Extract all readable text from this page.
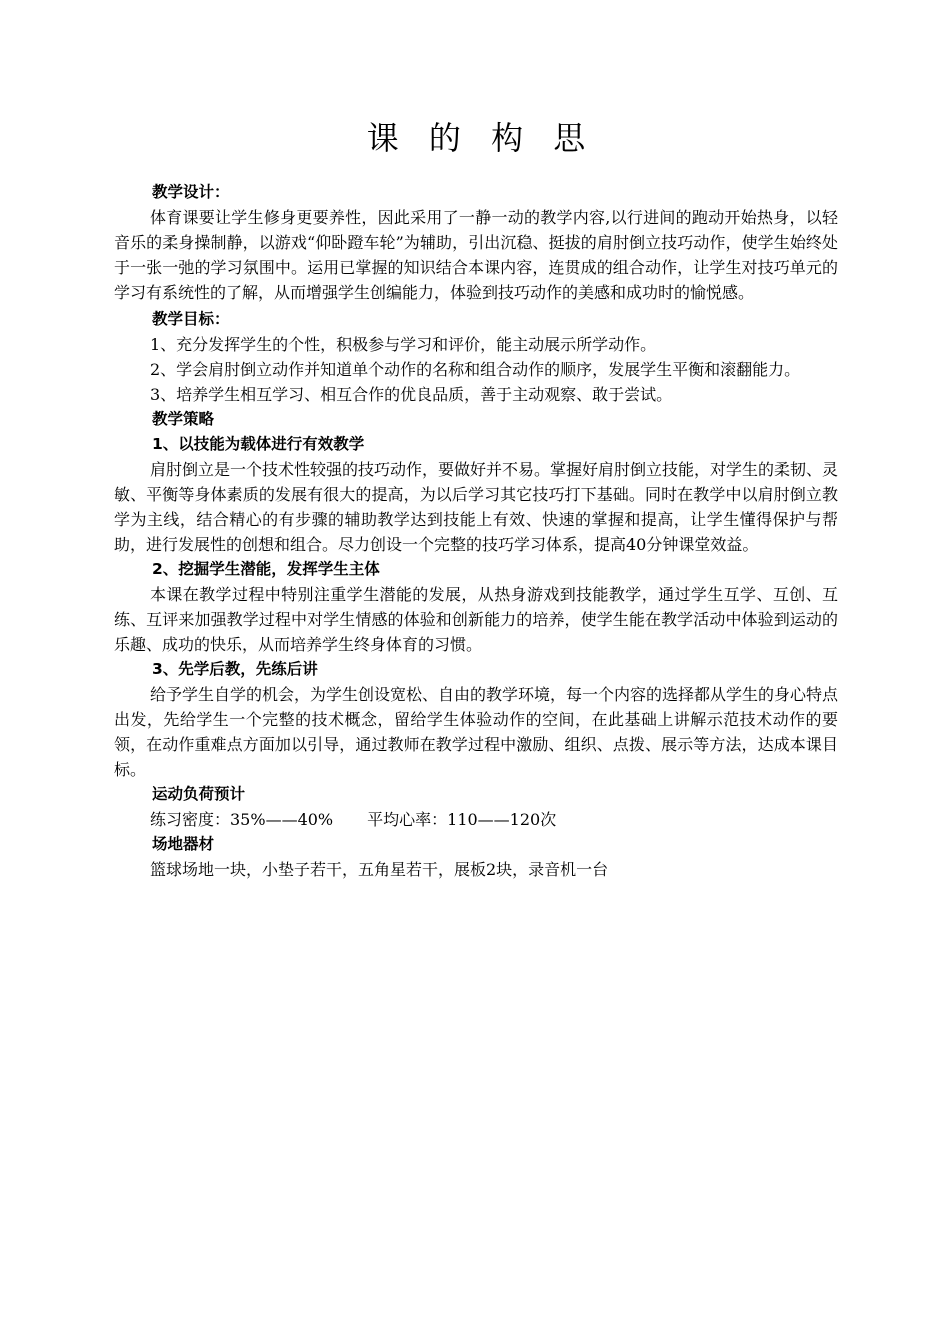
课 的 构 思
教学设计：

体育课要让学生修身更要养性，因此采用了一静一动的教学内容,以行进间的跑动开始热身，以轻音乐的柔身操制静，以游戏“仰卧蹬车轮”为辅助，引出沉稳、挺拔的肩肘倒立技巧动作，使学生始终处于一张一弛的学习氛围中。运用已掌握的知识结合本课内容，连贯成的组合动作，让学生对技巧单元的学习有系统性的了解，从而增强学生创编能力，体验到技巧动作的美感和成功时的愉悦感。

教学目标：

1、充分发挥学生的个性，积极参与学习和评价，能主动展示所学动作。

2、学会肩肘倒立动作并知道单个动作的名称和组合动作的顺序，发展学生平衡和滚翻能力。

3、培养学生相互学习、相互合作的优良品质，善于主动观察、敢于尝试。

教学策略
1、以技能为载体进行有效教学

肩肘倒立是一个技术性较强的技巧动作，要做好并不易。掌握好肩肘倒立技能，对学生的柔韧、灵敏、平衡等身体素质的发展有很大的提高，为以后学习其它技巧打下基础。同时在教学中以肩肘倒立教学为主线，结合精心的有步骤的辅助教学达到技能上有效、快速的掌握和提高，让学生懂得保护与帮助，进行发展性的创想和组合。尽力创设一个完整的技巧学习体系，提高40分钟课堂效益。

2、挖掘学生潜能，发挥学生主体

本课在教学过程中特别注重学生潜能的发展，从热身游戏到技能教学，通过学生互学、互创、互练、互评来加强教学过程中对学生情感的体验和创新能力的培养，使学生能在教学活动中体验到运动的乐趣、成功的快乐，从而培养学生终身体育的习惯。

3、先学后教，先练后讲

给予学生自学的机会，为学生创设宽松、自由的教学环境，每一个内容的选择都从学生的身心特点出发，先给学生一个完整的技术概念，留给学生体验动作的空间，在此基础上讲解示范技术动作的要领，在动作重难点方面加以引导，通过教师在教学过程中激励、组织、点拨、展示等方法，达成本课目标。

运动负荷预计

练习密度：35%——40% 平均心率：110——120次

场地器材

篮球场地一块，小垫子若干，五角星若干，展板2块，录音机一台
